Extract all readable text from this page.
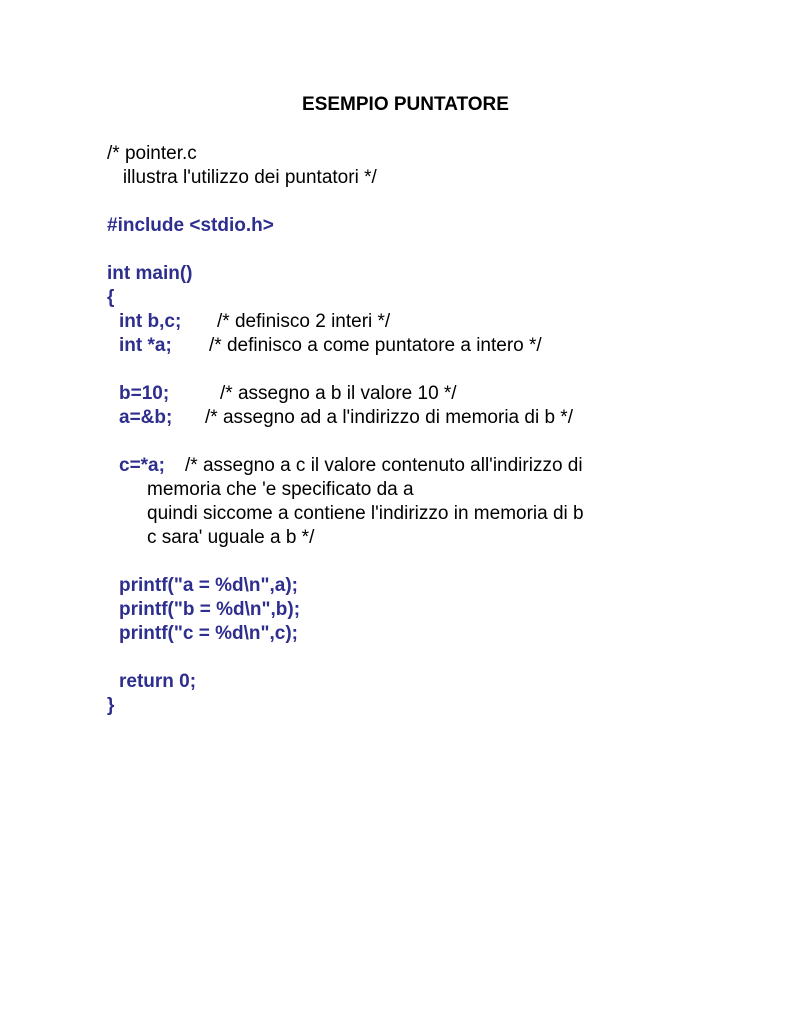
ESEMPIO PUNTATORE
/* pointer.c
illustra l'utilizzo dei puntatori */
#include <stdio.h>
int main()
{

int b,c;

/* definisco 2 interi */

int *a;

/* definisco a come puntatore a intero */

b=10;

	/* assegno a b il valore 10 */

a=&b;

/* assegno ad a l'indirizzo di memoria di b */

c=*a;

/* assegno a c il valore contenuto all'indirizzo di

memoria che 'e specificato da a

quindi siccome a contiene l'indirizzo in memoria di b

c sara' uguale a b */

printf("a = %d\n",a);
printf("b = %d\n",b);
printf("c = %d\n",c);
return 0;
}
